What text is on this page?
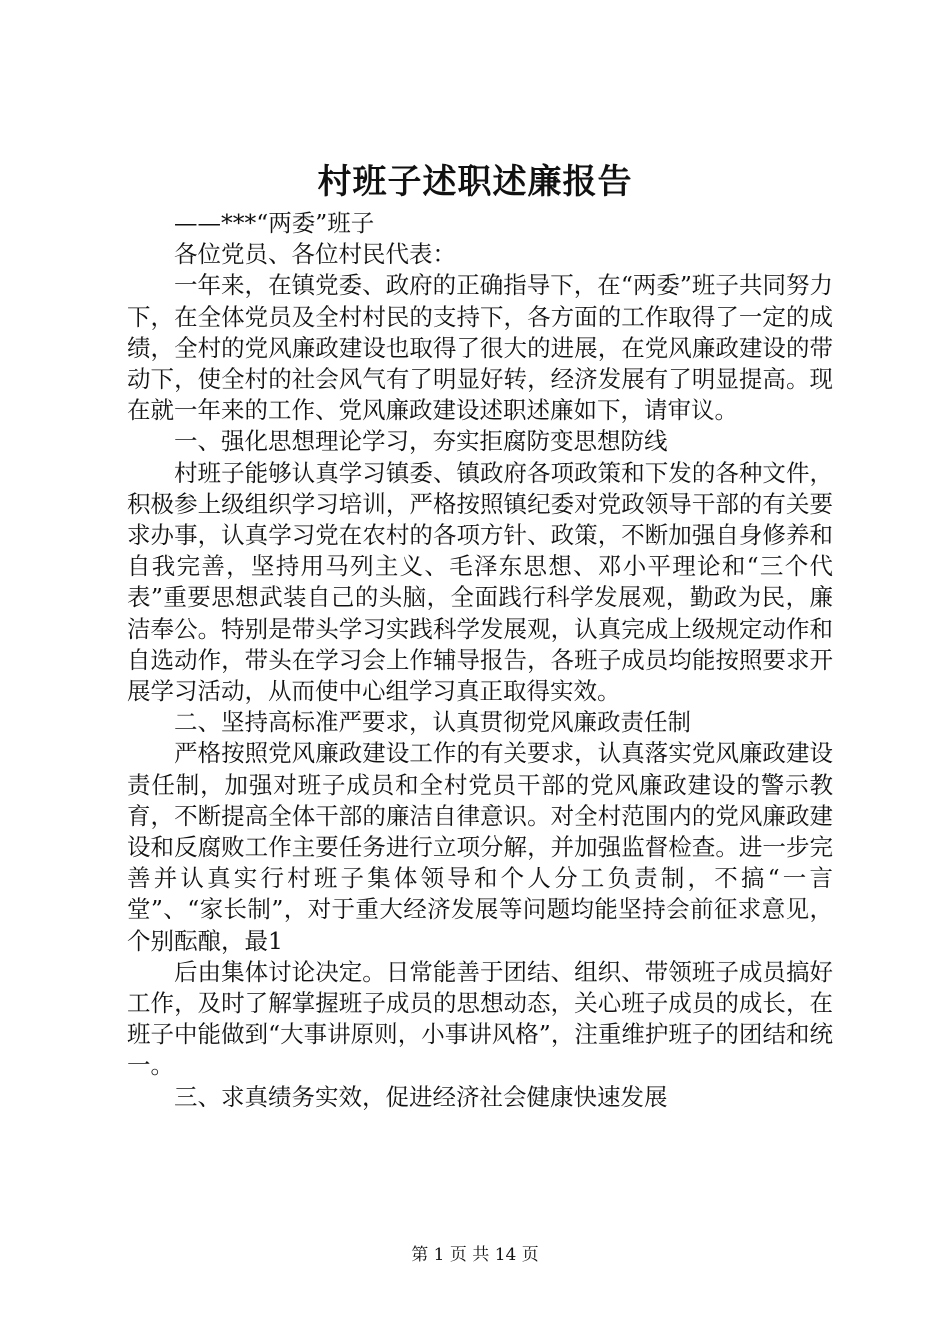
村班子述职述廉报告

——***“两委”班子

各位党员、各位村民代表：

一年来，在镇党委、政府的正确指导下，在“两委”班子共同努力下，在全体党员及全村村民的支持下，各方面的工作取得了一定的成绩，全村的党风廉政建设也取得了很大的进展，在党风廉政建设的带动下，使全村的社会风气有了明显好转，经济发展有了明显提高。现在就一年来的工作、党风廉政建设述职述廉如下，请审议。

一、强化思想理论学习，夯实拒腐防变思想防线

村班子能够认真学习镇委、镇政府各项政策和下发的各种文件，积极参上级组织学习培训，严格按照镇纪委对党政领导干部的有关要求办事，认真学习党在农村的各项方针、政策，不断加强自身修养和自我完善，坚持用马列主义、毛泽东思想、邓小平理论和“三个代表”重要思想武装自己的头脑，全面践行科学发展观，勤政为民，廉洁奉公。特别是带头学习实践科学发展观，认真完成上级规定动作和自选动作，带头在学习会上作辅导报告，各班子成员均能按照要求开展学习活动，从而使中心组学习真正取得实效。

二、坚持高标准严要求，认真贯彻党风廉政责任制

严格按照党风廉政建设工作的有关要求，认真落实党风廉政建设责任制，加强对班子成员和全村党员干部的党风廉政建设的警示教育，不断提高全体干部的廉洁自律意识。对全村范围内的党风廉政建设和反腐败工作主要任务进行立项分解，并加强监督检查。进一步完善并认真实行村班子集体领导和个人分工负责制，不搞“一言堂”、“家长制”，对于重大经济发展等问题均能坚持会前征求意见，个别酝酿，最1

后由集体讨论决定。日常能善于团结、组织、带领班子成员搞好工作，及时了解掌握班子成员的思想动态，关心班子成员的成长，在班子中能做到“大事讲原则，小事讲风格”，注重维护班子的团结和统一。

三、求真绩务实效，促进经济社会健康快速发展

第 1 页 共 14 页
